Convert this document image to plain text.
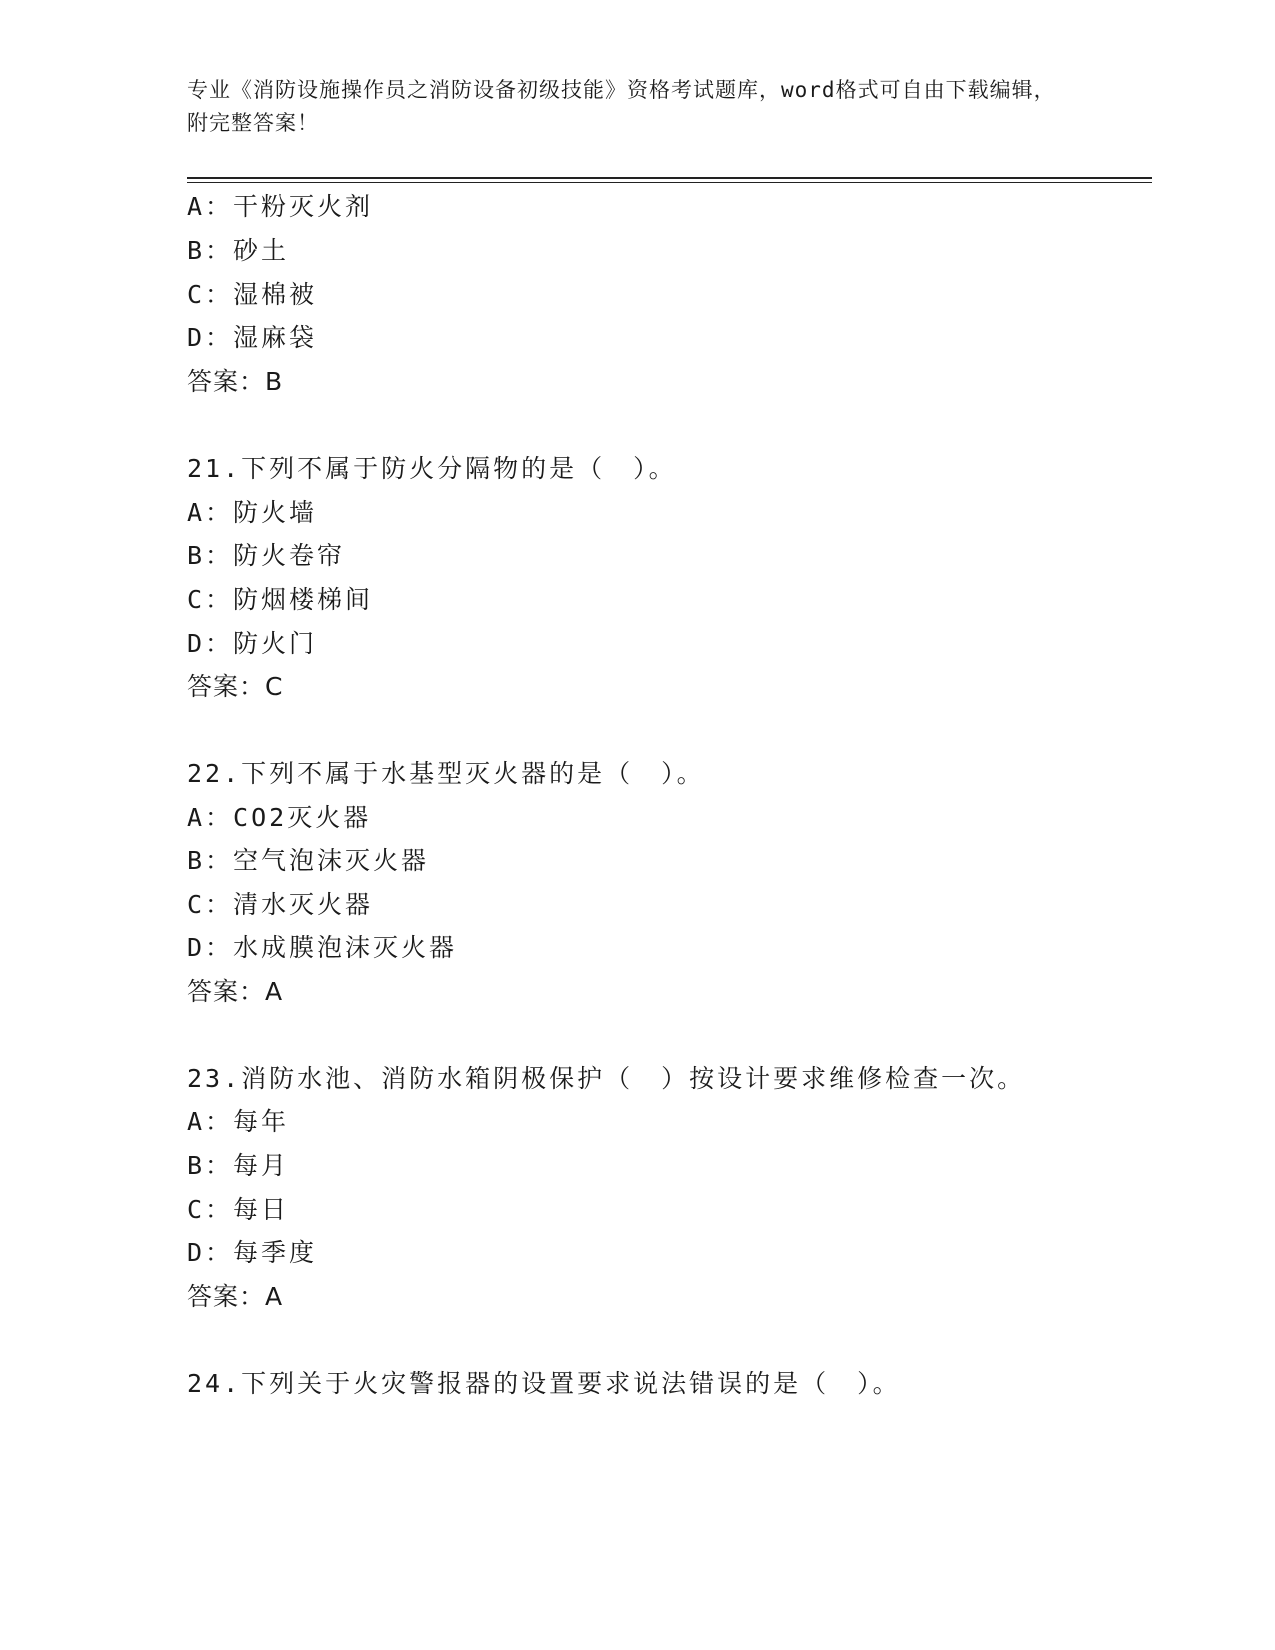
专业《消防设施操作员之消防设备初级技能》资格考试题库，word格式可自由下载编辑，附完整答案！
A：干粉灭火剂
B：砂土
C：湿棉被
D：湿麻袋
答案：B
21.下列不属于防火分隔物的是（　）。
A：防火墙
B：防火卷帘
C：防烟楼梯间
D：防火门
答案：C
22.下列不属于水基型灭火器的是（　）。
A：CO2灭火器
B：空气泡沫灭火器
C：清水灭火器
D：水成膜泡沫灭火器
答案：A
23.消防水池、消防水箱阴极保护（　）按设计要求维修检查一次。
A：每年
B：每月
C：每日
D：每季度
答案：A
24.下列关于火灾警报器的设置要求说法错误的是（　）。
